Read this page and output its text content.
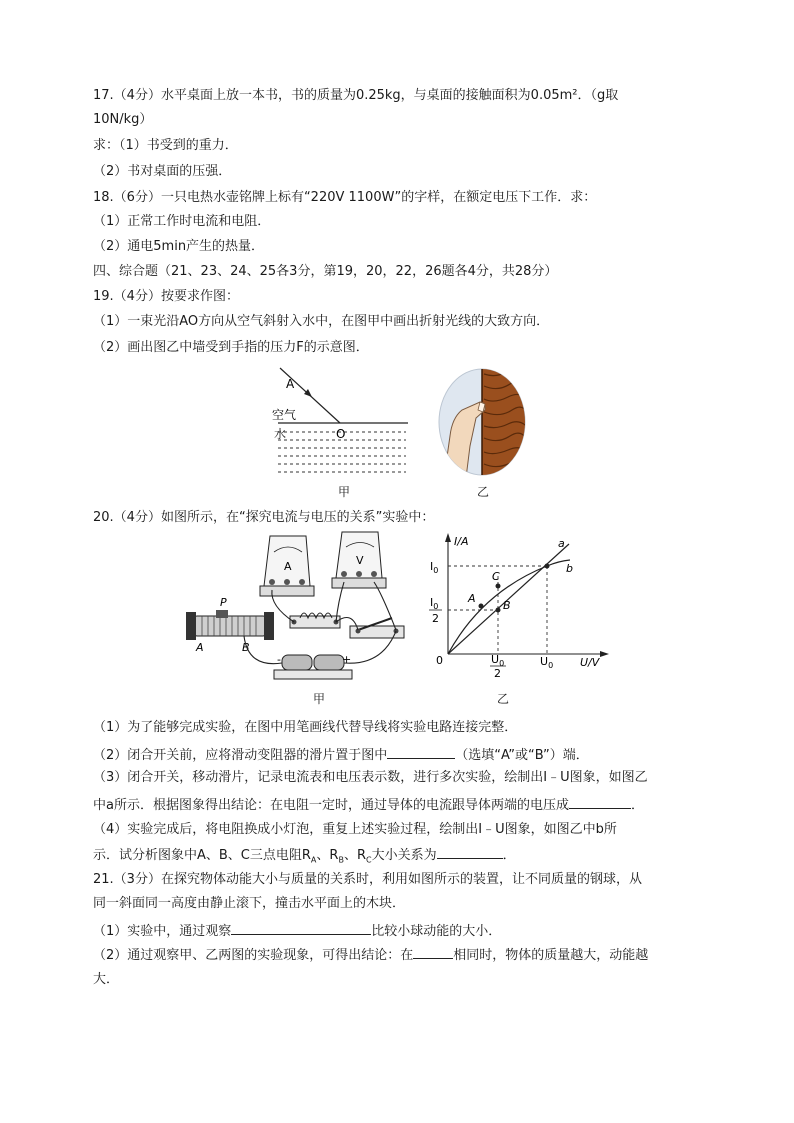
17.（4分）水平桌面上放一本书，书的质量为0.25kg，与桌面的接触面积为0.05m²．（g取
10N/kg）
求：（1）书受到的重力．
（2）书对桌面的压强．
18.（6分）一只电热水壶铭牌上标有“220V 1100W”的字样，在额定电压下工作．求：
（1）正常工作时电流和电阻．
（2）通电5min产生的热量．
四、综合题（21、23、24、25各3分，第19，20，22，26题各4分，共28分）
19.（4分）按要求作图：
（1）一束光沿AO方向从空气斜射入水中，在图甲中画出折射光线的大致方向．
（2）画出图乙中墙受到手指的压力F的示意图．
A
空气
水	O
甲	乙
20.（4分）如图所示，在“探究电流与电压的关系”实验中：
A	V
P
A	B
-	+
甲
I/A
U/V
0
$I_0$
$I_0$
2
$U_0$
2
$U_0$
a
b
A
C
B
乙
（1）为了能够完成实验，在图中用笔画线代替导线将实验电路连接完整．
（2）闭合开关前，应将滑动变阻器的滑片置于图中	（选填“A”或“B”）端．
（3）闭合开关，移动滑片，记录电流表和电压表示数，进行多次实验，绘制出I﹣U图象，如图乙
中a所示．根据图象得出结论：在电阻一定时，通过导体的电流跟导体两端的电压成	．
（4）实验完成后，将电阻换成小灯泡，重复上述实验过程，绘制出I﹣U图象，如图乙中b所
示．试分析图象中A、B、C三点电阻$R_A$、$R_B$、$R_C$大小关系为	．
21.（3分）在探究物体动能大小与质量的关系时，利用如图所示的装置，让不同质量的钢球，从
同一斜面同一高度由静止滚下，撞击水平面上的木块．
（1）实验中，通过观察	比较小球动能的大小．
（2）通过观察甲、乙两图的实验现象，可得出结论：在	相同时，物体的质量越大，动能越
大．
